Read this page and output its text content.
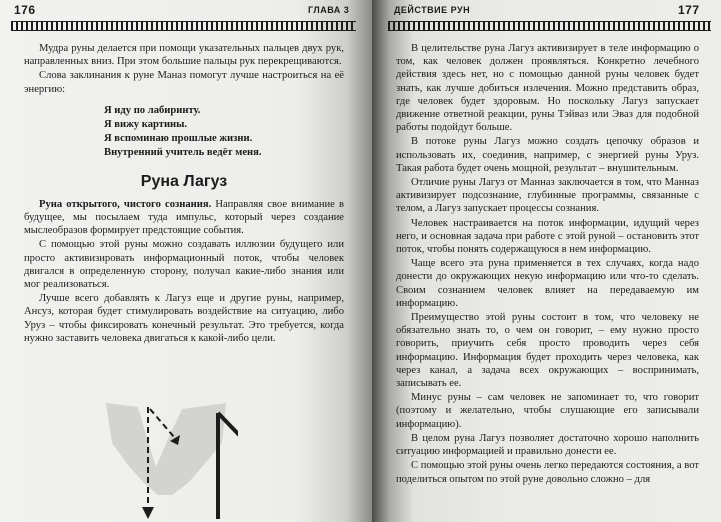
176	ГЛАВА 3

Мудра руны делается при помощи указательных пальцев двух рук, направленных вниз. При этом большие пальцы рук перекрещиваются.

Слова заклинания к руне Маназ помогут лучше настроиться на её энергию:

Я иду по лабиринту.
Я вижу картины.
Я вспоминаю прошлые жизни.
Внутренний учитель ведёт меня.
Руна Лагуз

Руна открытого, чистого сознания. Направляя свое внимание в будущее, мы посылаем туда импульс, который через создание мыслеобразов формирует предстоящие события.

С помощью этой руны можно создавать иллюзии будущего или просто активизировать информационный поток, чтобы человек двигался в определенную сторону, получал какие-либо знания или мог реализоваться.

Лучше всего добавлять к Лагуз еще и другие руны, например, Ансуз, которая будет стимулировать воздействие на ситуацию, либо Уруз – чтобы фиксировать конечный результат. Это требуется, когда нужно заставить человека двигаться к какой-либо цели.

ДЕЙСТВИЕ РУН	177

В целительстве руна Лагуз активизирует в теле информацию о том, как человек должен проявляться. Конкретно лечебного действия здесь нет, но с помощью данной руны человек будет знать, как лучше добиться излечения. Можно представить образ, где человек будет здоровым. Но поскольку Лагуз запускает движение ответной реакции, руны Тэйваз или Эваз для подобной работы подойдут больше.

В потоке руны Лагуз можно создать цепочку образов и использовать их, соединив, например, с энергией руны Уруз. Такая работа будет очень мощной, результат – внушительным.

Отличие руны Лагуз от Манназ заключается в том, что Манназ активизирует подсознание, глубинные программы, связанные с телом, а Лагуз запускает процессы сознания.

Человек настраивается на поток информации, идущий через него, и основная задача при работе с этой руной – остановить этот поток, чтобы понять содержащуюся в нем информацию.

Чаще всего эта руна применяется в тех случаях, когда надо донести до окружающих некую информацию или что-то сделать. Своим сознанием человек влияет на передаваемую им информацию.

Преимущество этой руны состоит в том, что человеку не обязательно знать то, о чем он говорит, – ему нужно просто говорить, приучить себя просто проводить через себя информацию. Информация будет проходить через человека, как через канал, а задача всех окружающих – воспринимать, записывать ее.

Минус руны – сам человек не запоминает то, что говорит (поэтому и желательно, чтобы слушающие его записывали информацию).

В целом руна Лагуз позволяет достаточно хорошо наполнить ситуацию информацией и правильно донести ее.

С помощью этой руны очень легко передаются состояния, а вот поделиться опытом по этой руне довольно сложно – для
